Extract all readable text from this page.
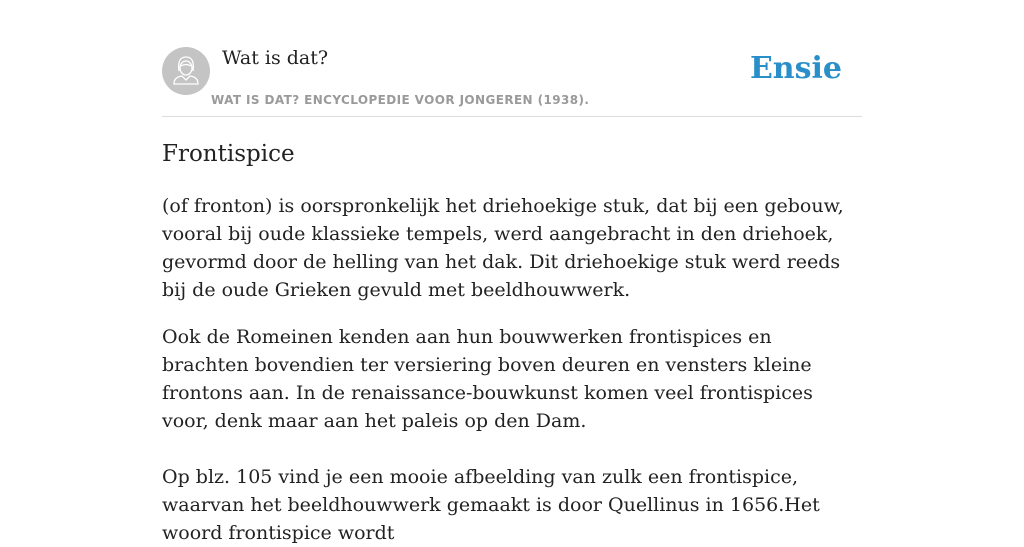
Wat is dat?
WAT IS DAT? ENCYCLOPEDIE VOOR JONGEREN (1938).
Ensie
Frontispice

(of fronton) is oorspronkelijk het driehoekige stuk, dat bij een gebouw, vooral bij oude klassieke tempels, werd aangebracht in den driehoek, gevormd door de helling van het dak. Dit driehoekige stuk werd reeds bij de oude Grieken gevuld met beeldhouwwerk.

Ook de Romeinen kenden aan hun bouwwerken frontispices en brachten bovendien ter versiering boven deuren en vensters kleine frontons aan. In de renaissance-bouwkunst komen veel frontispices voor, denk maar aan het paleis op den Dam.

Op blz. 105 vind je een mooie afbeelding van zulk een frontispice, waarvan het beeldhouwwerk gemaakt is door Quellinus in 1656.Het woord frontispice wordt
